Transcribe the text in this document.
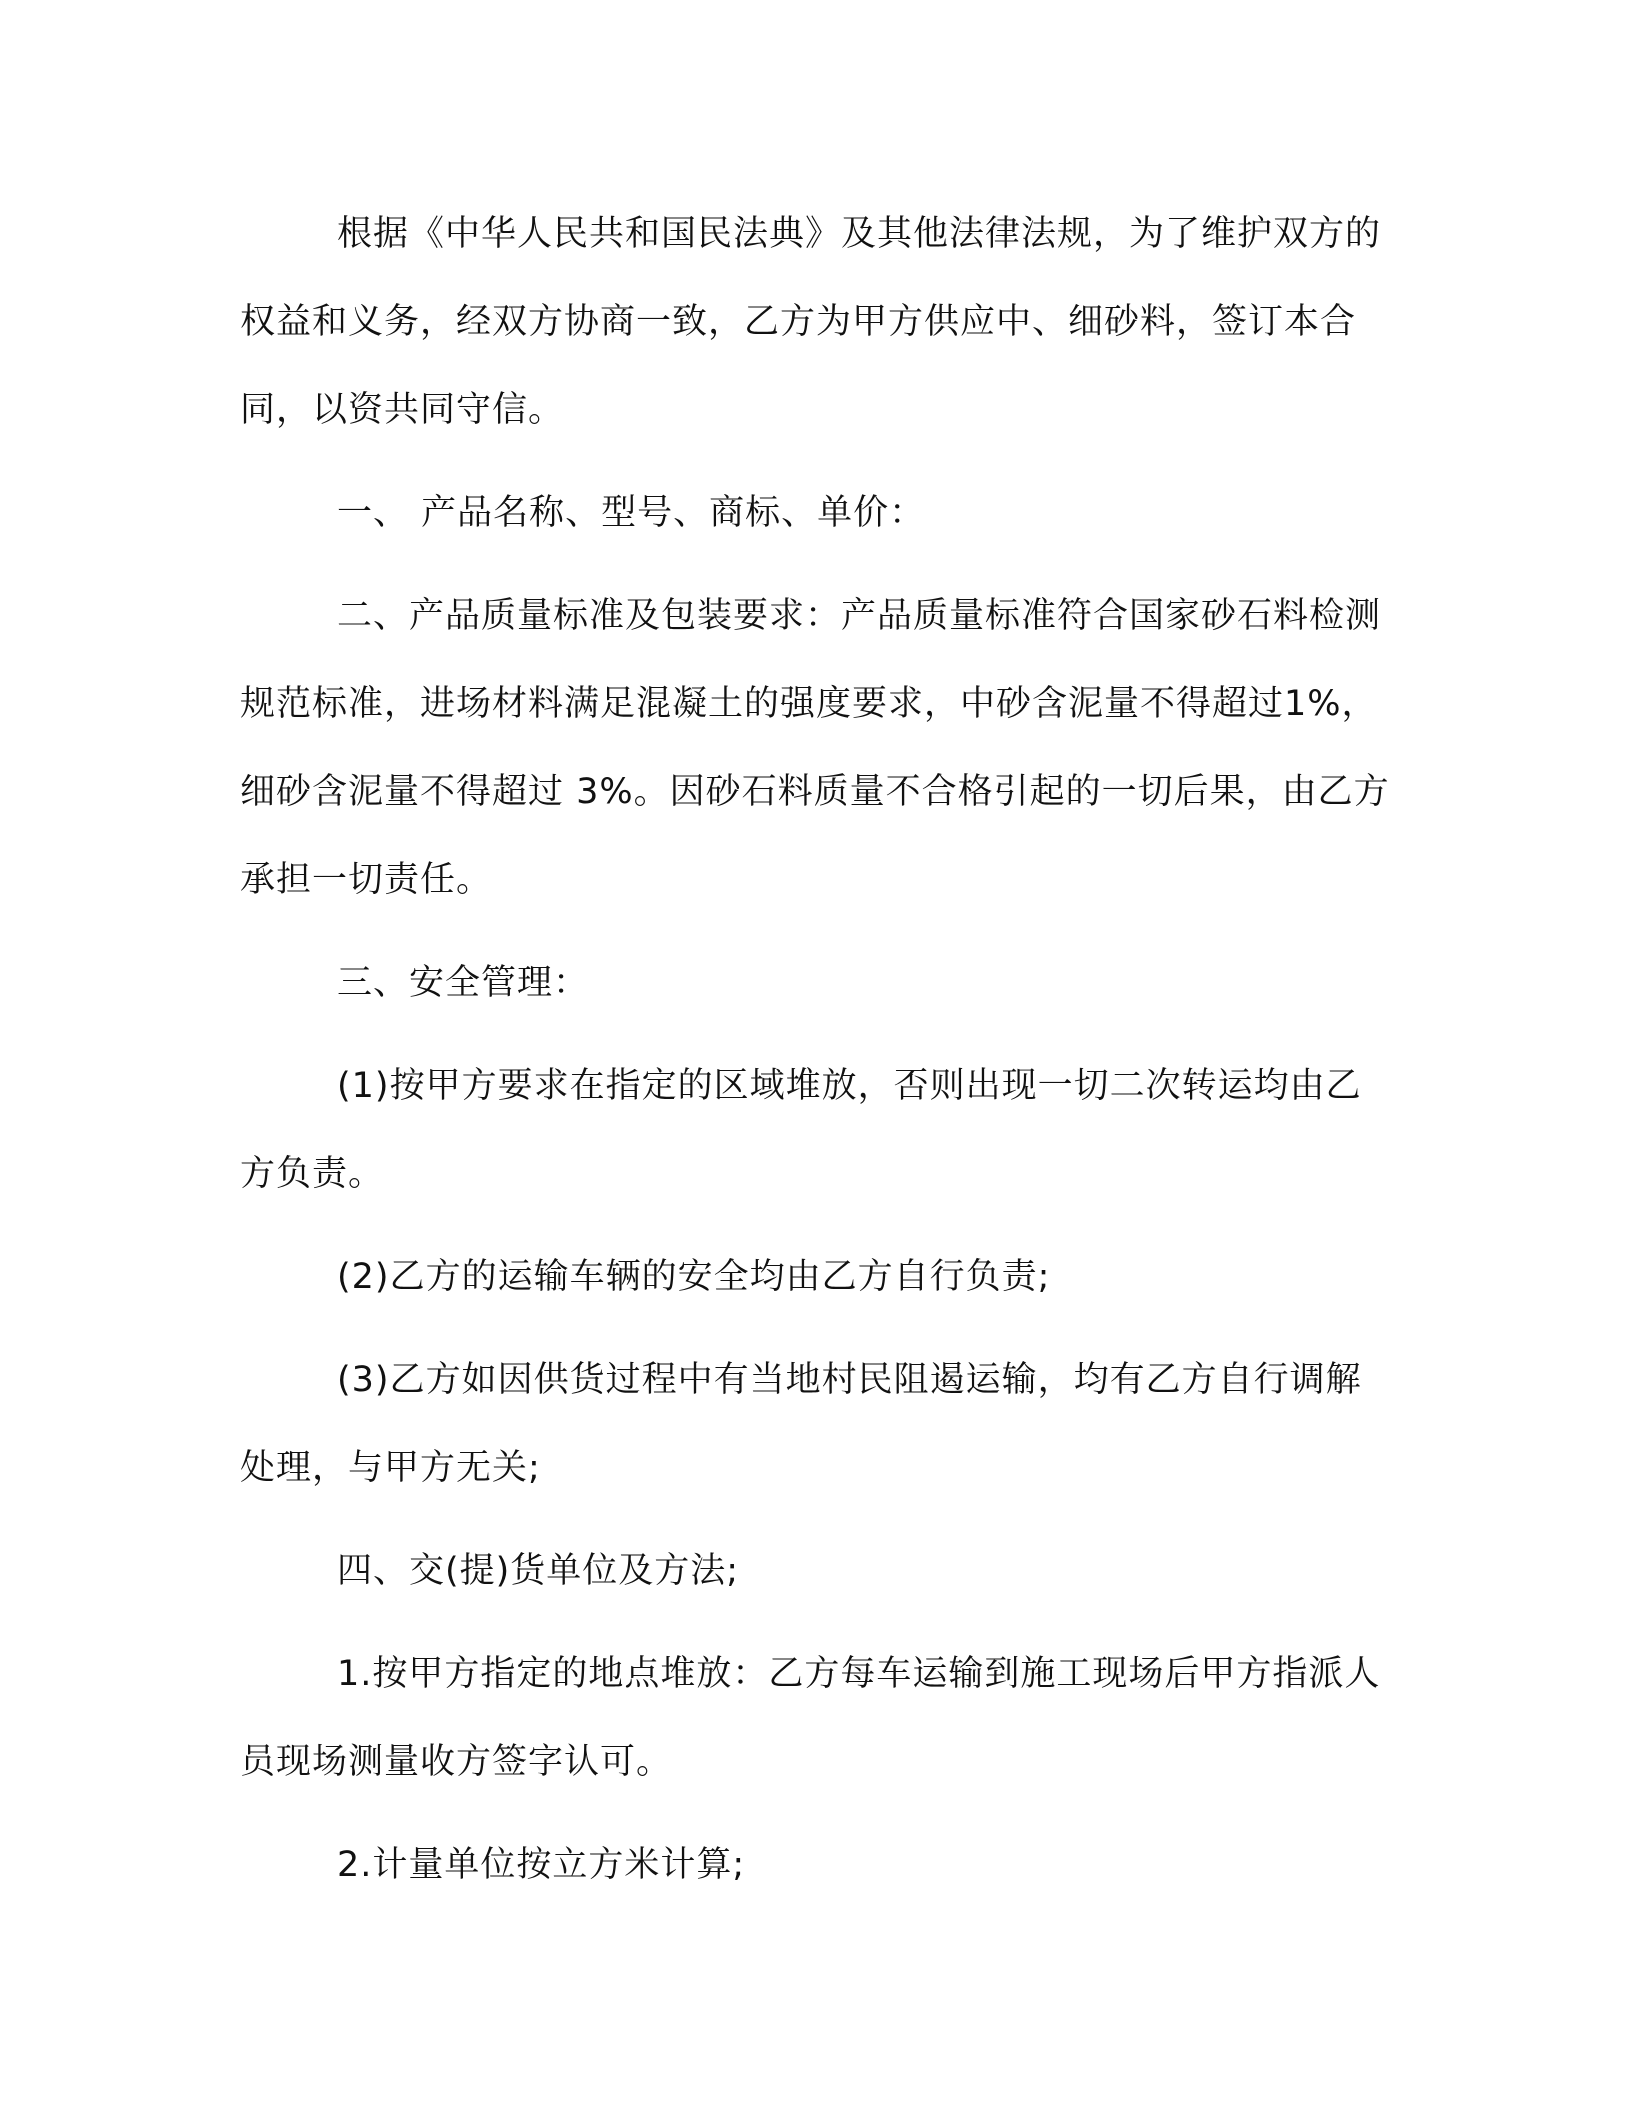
根据《中华人民共和国民法典》及其他法律法规，为了维护双方的权益和义务，经双方协商一致，乙方为甲方供应中、细砂料，签订本合同，以资共同守信。

一、 产品名称、型号、商标、单价：

二、产品质量标准及包装要求：产品质量标准符合国家砂石料检测规范标准，进场材料满足混凝土的强度要求，中砂含泥量不得超过1%，细砂含泥量不得超过 3%。因砂石料质量不合格引起的一切后果，由乙方承担一切责任。

三、安全管理：

(1)按甲方要求在指定的区域堆放，否则出现一切二次转运均由乙方负责。

(2)乙方的运输车辆的安全均由乙方自行负责;

(3)乙方如因供货过程中有当地村民阻遏运输，均有乙方自行调解处理，与甲方无关;

四、交(提)货单位及方法;

1.按甲方指定的地点堆放：乙方每车运输到施工现场后甲方指派人员现场测量收方签字认可。

2.计量单位按立方米计算;
